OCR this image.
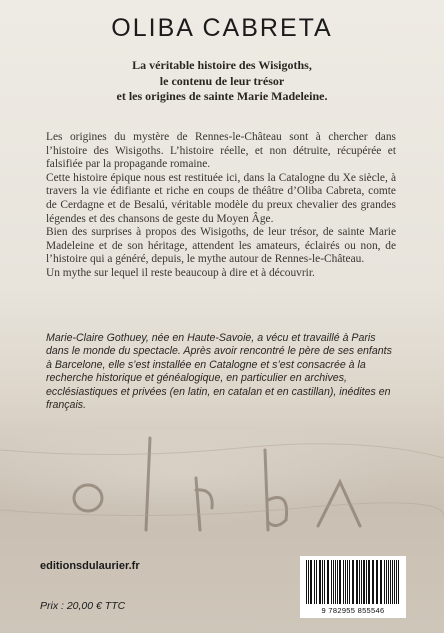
OLIBA CABRETA
La véritable histoire des Wisigoths,
le contenu de leur trésor
et les origines de sainte Marie Madeleine.

Les origines du mystère de Rennes-le-Château sont à chercher dans l’histoire des Wisigoths. L’histoire réelle, et non détruite, récupérée et falsifiée par la propagande romaine.

Cette histoire épique nous est restituée ici, dans la Catalogne du Xe siècle, à travers la vie édifiante et riche en coups de théâtre d’Oliba Cabreta, comte de Cerdagne et de Besalú, véritable modèle du preux chevalier des grandes légendes et des chansons de geste du Moyen Âge.

Bien des surprises à propos des Wisigoths, de leur trésor, de sainte Marie Madeleine et de son héritage, attendent les amateurs, éclairés ou non, de l’histoire qui a généré, depuis, le mythe autour de Rennes-le-Château.

Un mythe sur lequel il reste beaucoup à dire et à découvrir.

Marie-Claire Gothuey, née en Haute-Savoie, a vécu et travaillé à Paris dans le monde du spectacle. Après avoir rencontré le père de ses enfants à Barcelone, elle s’est installée en Catalogne et s’est consacrée à la recherche historique et généalogique, en particulier en archives, ecclésiastiques et privées (en latin, en catalan et en castillan), inédites en français.
editionsdulaurier.fr
Prix : 20,00 € TTC	9 782955 855546
